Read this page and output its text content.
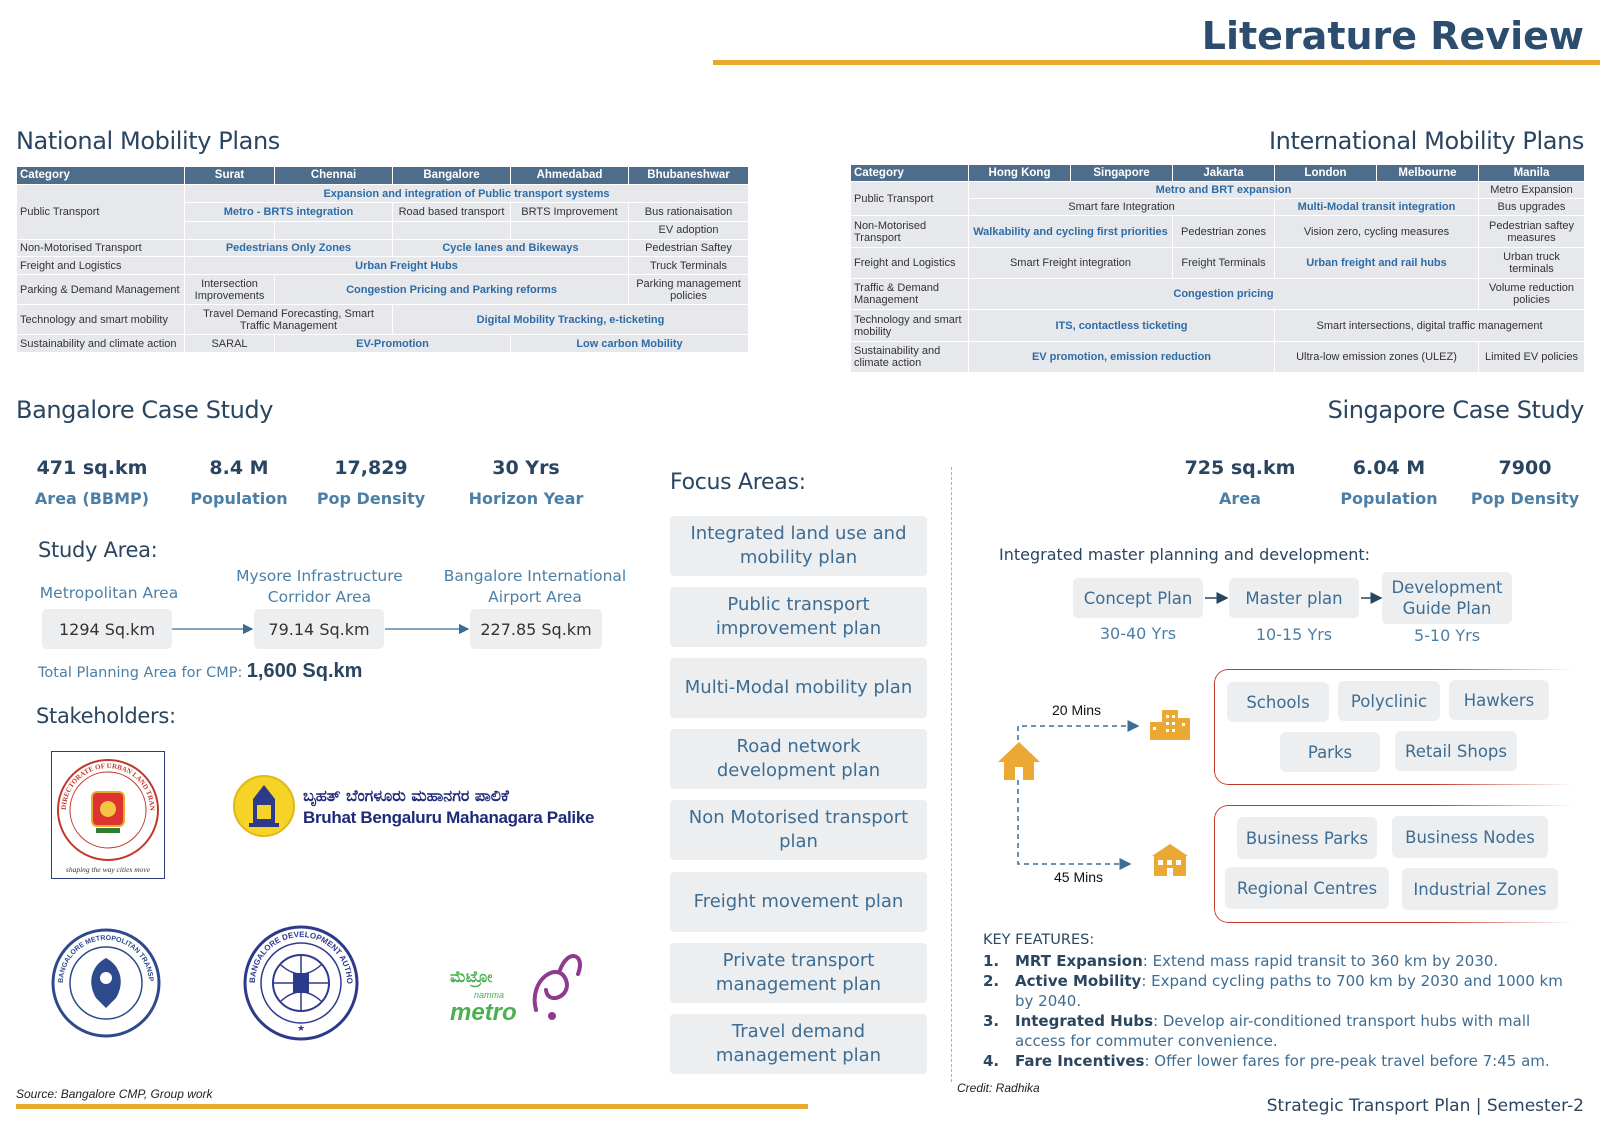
Literature Review
National Mobility Plans
Category	Surat	Chennai	Bangalore	Ahmedabad	Bhubaneshwar
Public Transport	Expansion and integration of Public transport systems				
	Metro - BRTS integration		Road based transport	BRTS Improvement	Bus rationaisation
					EV adoption
Non-Motorised Transport	Pedestrians Only Zones		Cycle lanes and Bikeways		Pedestrian Saftey
Freight and Logistics	Urban Freight Hubs				Truck Terminals
Parking & Demand Management	Intersection Improvements	Congestion Pricing and Parking reforms			Parking management policies
Technology and smart mobility	Travel Demand Forecasting, Smart Traffic Management		Digital Mobility Tracking, e-ticketing		
Sustainability and climate action	SARAL	EV-Promotion		Low carbon Mobility	
International Mobility Plans
Category	Hong Kong	Singapore	Jakarta	London	Melbourne	Manila
Public Transport	Metro and BRT expansion					Metro Expansion
	Smart fare Integration			Multi-Modal transit integration		Bus upgrades
Non-Motorised Transport	Walkability and cycling first priorities		Pedestrian zones	Vision zero, cycling measures		Pedestrian saftey measures
Freight and Logistics	Smart Freight integration		Freight Terminals	Urban freight and rail hubs		Urban truck terminals
Traffic & Demand Management	Congestion pricing					Volume reduction policies
Technology and smart mobility	ITS, contactless ticketing			Smart intersections, digital traffic management		
Sustainability and climate action	EV promotion, emission reduction			Ultra-low emission zones (ULEZ)		Limited EV policies
Bangalore Case Study
471 sq.km
Area (BBMP)
8.4 M
Population
17,829
Pop Density
30 Yrs
Horizon Year
Study Area:
Metropolitan Area
Mysore Infrastructure Corridor Area
Bangalore International Airport Area
1294 Sq.km	79.14 Sq.km	227.85 Sq.km
Total Planning Area for CMP: 1,600 Sq.km
Stakeholders:
DIRECTORATE OF URBAN LAND TRAN
shaping the way cities move
ಬೃಹತ್ ಬೆಂಗಳೂರು ಮಹಾನಗರ ಪಾಲಿಕೆ
Bruhat Bengaluru Mahanagara Palike
BANGALORE METROPOLITAN TRANSP	BANGALORE DEVELOPMENT AUTHO
★
ಮೆಟ್ರೋ
namma
metro
Focus Areas:
Integrated land use and mobility plan
Public transport improvement plan
Multi-Modal mobility plan
Road network development plan
Non Motorised transport plan
Freight movement plan
Private transport management plan
Travel demand management plan
Singapore Case Study
725 sq.km
Area
6.04 M
Population
7900
Pop Density
Integrated master planning and development:
Concept Plan	Master plan
Development Guide Plan
30-40 Yrs	10-15 Yrs	5-10 Yrs
20 Mins
45 Mins
Schools	Polyclinic	Hawkers
Parks	Retail Shops
Business Parks	Business Nodes
Regional Centres	Industrial Zones
KEY FEATURES:
1.	MRT Expansion: Extend mass rapid transit to 360 km by 2030.
2.	Active Mobility: Expand cycling paths to 700 km by 2030 and 1000 km by 2040.
3.	Integrated Hubs: Develop air-conditioned transport hubs with mall access for commuter convenience.
4.	Fare Incentives: Offer lower fares for pre-peak travel before 7:45 am.
Source: Bangalore CMP, Group work	Credit: Radhika
Strategic Transport Plan | Semester-2
